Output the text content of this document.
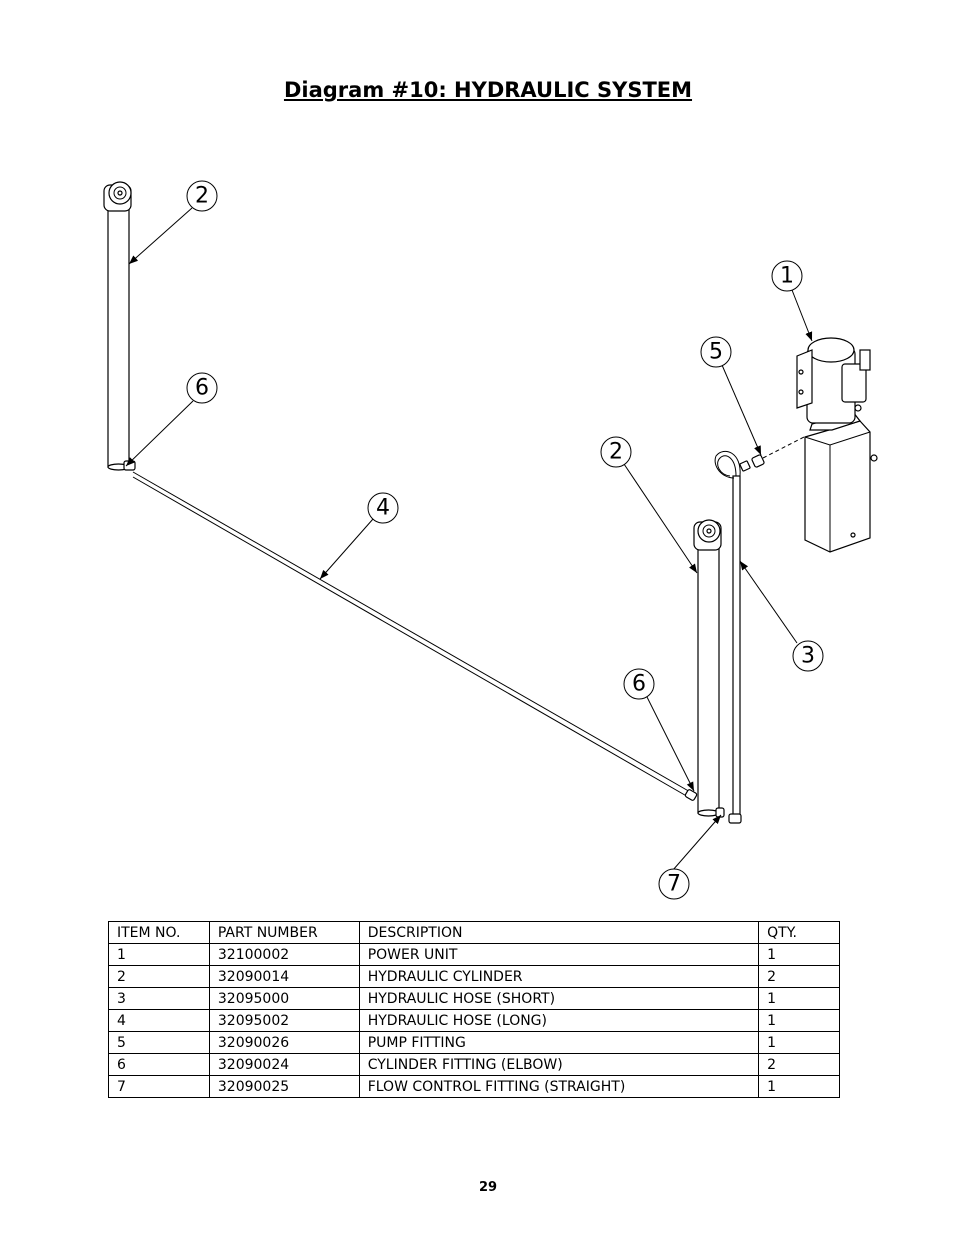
Diagram #10: HYDRAULIC SYSTEM
2
6
4
2
6
7
5
3
1
ITEM NO.	PART NUMBER	DESCRIPTION	QTY.
1	32100002	POWER UNIT	1
2	32090014	HYDRAULIC CYLINDER	2
3	32095000	HYDRAULIC HOSE (SHORT)	1
4	32095002	HYDRAULIC HOSE (LONG)	1
5	32090026	PUMP FITTING	1
6	32090024	CYLINDER FITTING (ELBOW)	2
7	32090025	FLOW CONTROL FITTING (STRAIGHT)	1
29
